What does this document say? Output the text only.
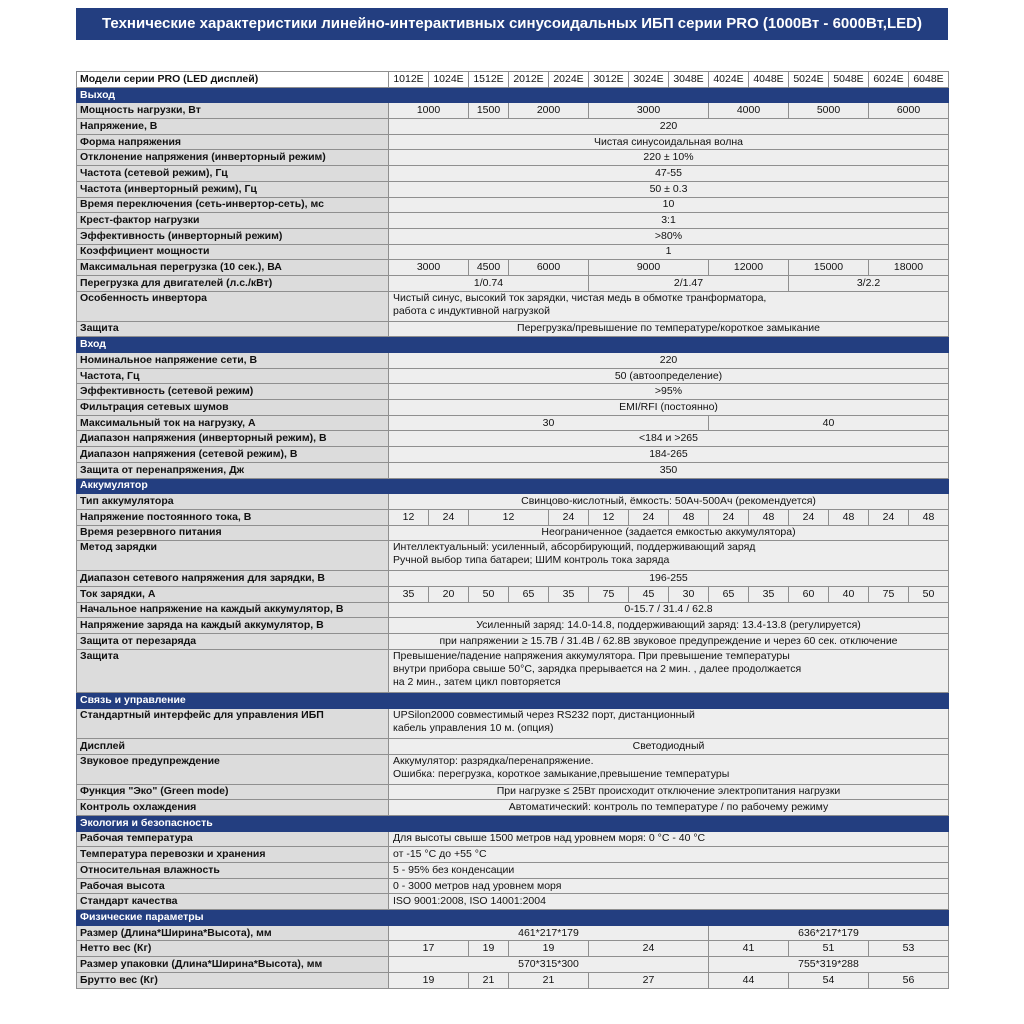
Технические характеристики линейно-интерактивных синусоидальных ИБП серии PRO (1000Вт - 6000Вт,LED)
Модели серии PRO (LED дисплей)	1012E	1024E	1512E	2012E	2024E	3012E	3024E	3048E	4024E	4048E	5024E	5048E	6024E	6048E
Выход														
Мощность нагрузки, Вт	1000		1500	2000		3000			4000		5000		6000	
Напряжение, В	220													
Форма напряжения	Чистая синусоидальная волна													
Отклонение напряжения (инверторный режим)	220 ± 10%													
Частота (сетевой режим), Гц	47-55													
Частота (инверторный режим), Гц	50 ± 0.3													
Время переключения (сеть-инвертор-сеть), мс	10													
Крест-фактор нагрузки	3:1													
Эффективность (инверторный режим)	>80%													
Коэффициент мощности	1													
Максимальная перегрузка (10 сек.), ВА	3000		4500	6000		9000			12000		15000		18000	
Перегрузка для двигателей (л.с./кВт)	1/0.74					2/1.47					3/2.2			
Особенность инвертора	Чистый синус, высокий ток зарядки, чистая медь в обмотке транформатора,
работа с индуктивной нагрузкой													

Защита	Перегрузка/превышение по температуре/короткое замыкание													
Вход														
Номинальное напряжение сети, В	220													
Частота, Гц	50 (автоопределение)													
Эффективность (сетевой режим)	>95%													
Фильтрация сетевых шумов	EMI/RFI (постоянно)													
Максимальный ток на нагрузку, А	30								40					
Диапазон напряжения (инверторный режим), В	<184 и >265													
Диапазон напряжения (сетевой режим), В	184-265													
Защита от перенапряжения, Дж	350													
Аккумулятор														
Тип аккумулятора	Свинцово-кислотный, ёмкость: 50Ач-500Ач (рекомендуется)													
Напряжение постоянного тока, В	12	24	12		24	12	24	48	24	48	24	48	24	48
Время резервного питания	Неограниченное (задается емкостью аккумулятора)													
Метод зарядки	Интеллектуальный: усиленный, абсорбирующий, поддерживающий заряд
Ручной выбор типа батареи; ШИМ контроль тока заряда													

Диапазон сетевого напряжения для зарядки, В	196-255													
Ток зарядки, А	35	20	50	65	35	75	45	30	65	35	60	40	75	50
Начальное напряжение на каждый аккумулятор, В	0-15.7 / 31.4 / 62.8													
Напряжение заряда на каждый аккумулятор, В	Усиленный заряд: 14.0-14.8, поддерживающий заряд: 13.4-13.8 (регулируется)													
Защита от перезаряда	при напряжении ≥ 15.7В / 31.4В / 62.8В звуковое предупреждение и через 60 сек. отключение													
Защита	Превышение/падение напряжения аккумулятора. При превышение температуры
внутри прибора свыше 50°C, зарядка прерывается на 2 мин. , далее продолжается
на 2 мин., затем цикл повторяется													

Связь и управление														
Стандартный интерфейс для управления ИБП	UPSilon2000 совместимый через RS232 порт, дистанционный
кабель управления 10 м. (опция)													

Дисплей	Светодиодный													
Звуковое предупреждение	Аккумулятор: разрядка/перенапряжение.
Ошибка: перегрузка, короткое замыкание,превышение температуры													

Функция "Эко" (Green mode)	При нагрузке ≤ 25Вт происходит отключение электропитания нагрузки													
Контроль охлаждения	Автоматический: контроль по температуре / по рабочему режиму													
Экология и безопасность														
Рабочая температура	Для высоты свыше 1500 метров над уровнем моря: 0 °С - 40 °С													
Температура перевозки и хранения	от -15 °C до +55 °C													
Относительная влажность	5 - 95% без конденсации													
Рабочая высота	0 - 3000 метров над уровнем моря													
Стандарт качества	ISO 9001:2008, ISO 14001:2004													
Физические параметры														
Размер (Длина*Ширина*Высота), мм	461*217*179								636*217*179					
Нетто вес (Кг)	17		19	19		24			41		51		53	
Размер упаковки (Длина*Ширина*Высота), мм	570*315*300								755*319*288					
Брутто вес (Кг)	19		21	21		27			44		54		56	
